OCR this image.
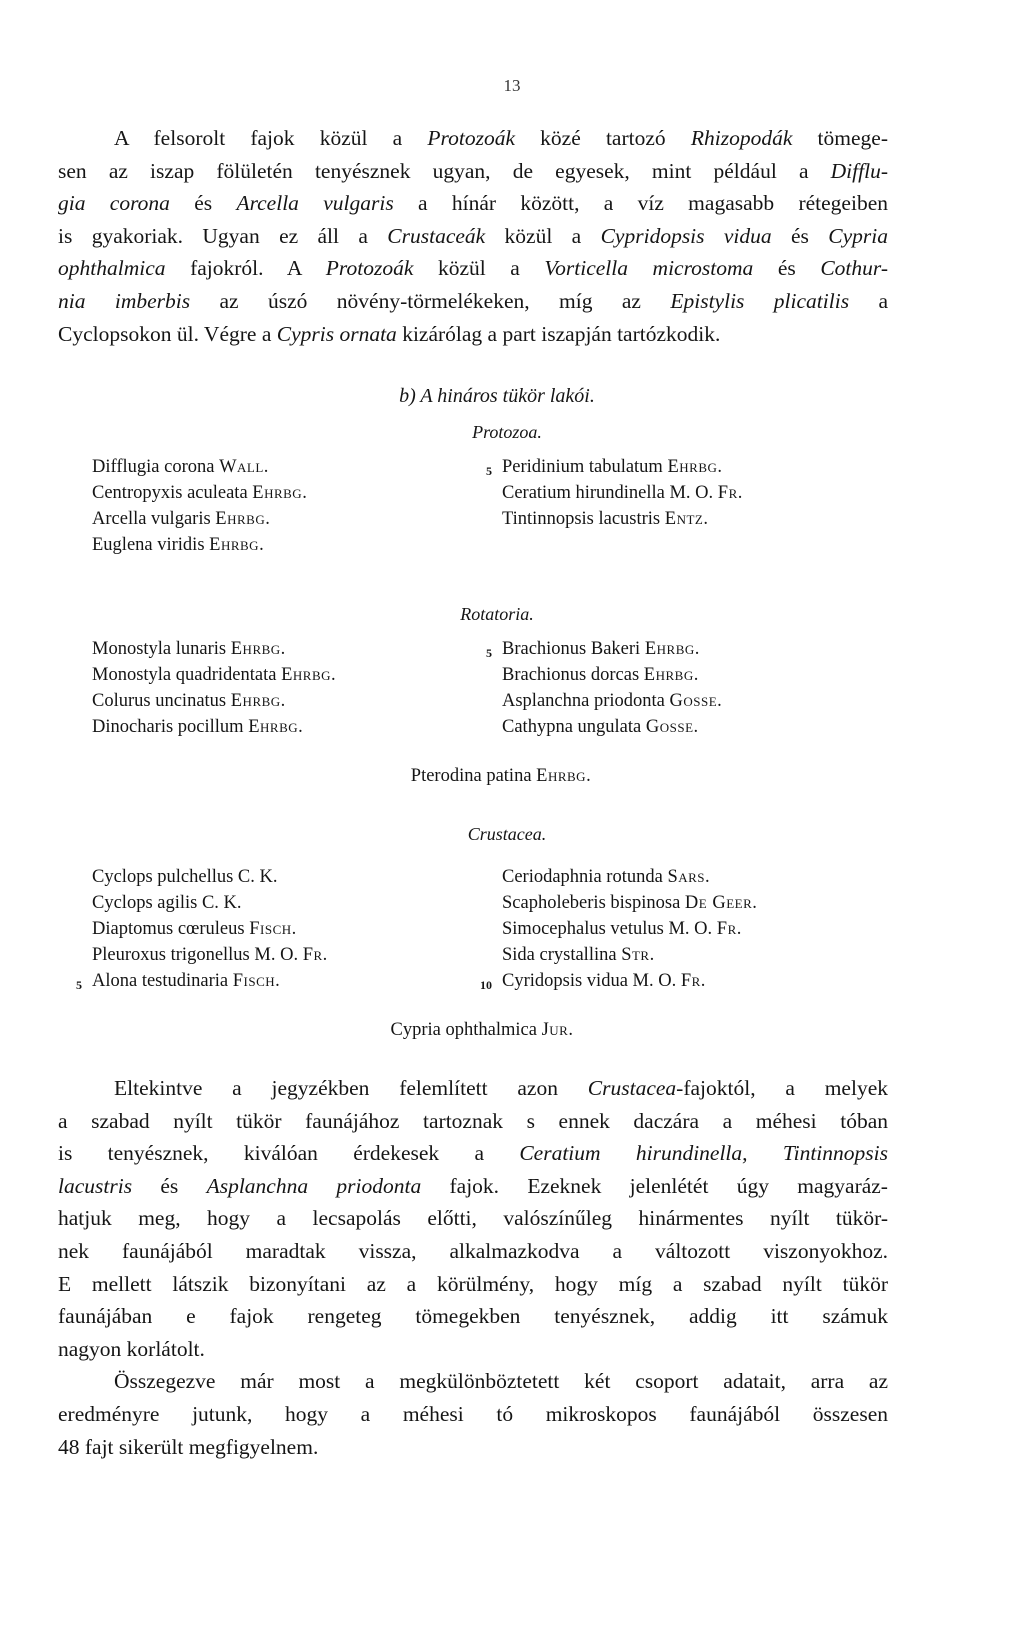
13
A felsorolt fajok közül a Protozoák közé tartozó Rhizopodák tömege-
sen az iszap fölületén tenyésznek ugyan, de egyesek, mint például a Difflu-
gia corona és Arcella vulgaris a hínár között, a víz magasabb rétegeiben
is gyakoriak. Ugyan ez áll a Crustaceák közül a Cypridopsis vidua és Cypria
ophthalmica fajokról. A Protozoák közül a Vorticella microstoma és Cothur-
nia imberbis az úszó növény-törmelékeken, míg az Epistylis plicatilis a
Cyclopsokon ül. Végre a Cypris ornata kizárólag a part iszapján tartózkodik.
b) A hináros tükör lakói.
Protozoa.
Difflugia corona Wall.
Centropyxis aculeata Ehrbg.
Arcella vulgaris Ehrbg.
Euglena viridis Ehrbg.
5 Peridinium tabulatum Ehrbg.
Ceratium hirundinella M. O. Fr.
Tintinnopsis lacustris Entz.
Rotatoria.
Monostyla lunaris Ehrbg.
Monostyla quadridentata Ehrbg.
Colurus uncinatus Ehrbg.
Dinocharis pocillum Ehrbg.
5 Brachionus Bakeri Ehrbg.
Brachionus dorcas Ehrbg.
Asplanchna priodonta Gosse.
Cathypna ungulata Gosse.
Pterodina patina Ehrbg.
Crustacea.
Cyclops pulchellus C. K.
Cyclops agilis C. K.
Diaptomus cœruleus Fisch.
Pleuroxus trigonellus M. O. Fr.
Alona testudinaria Fisch.
5
Ceriodaphnia rotunda Sars.
Scapholeberis bispinosa De Geer.
Simocephalus vetulus M. O. Fr.
Sida crystallina Str.
Cyridopsis vidua M. O. Fr.
10
Cypria ophthalmica Jur.
Eltekintve a jegyzékben felemlített azon Crustacea-fajoktól, a melyek
a szabad nyílt tükör faunájához tartoznak s ennek daczára a méhesi tóban
is tenyésznek, kiválóan érdekesek a Ceratium hirundinella, Tintinnopsis
lacustris és Asplanchna priodonta fajok. Ezeknek jelenlétét úgy magyaráz-
hatjuk meg, hogy a lecsapolás előtti, valószínűleg hinármentes nyílt tükör-
nek faunájából maradtak vissza, alkalmazkodva a változott viszonyokhoz.
E mellett látszik bizonyítani az a körülmény, hogy míg a szabad nyílt tükör
faunájában e fajok rengeteg tömegekben tenyésznek, addig itt számuk
nagyon korlátolt.
Összegezve már most a megkülönböztetett két csoport adatait, arra az
eredményre jutunk, hogy a méhesi tó mikroskopos faunájából összesen
48 fajt sikerült megfigyelnem.
